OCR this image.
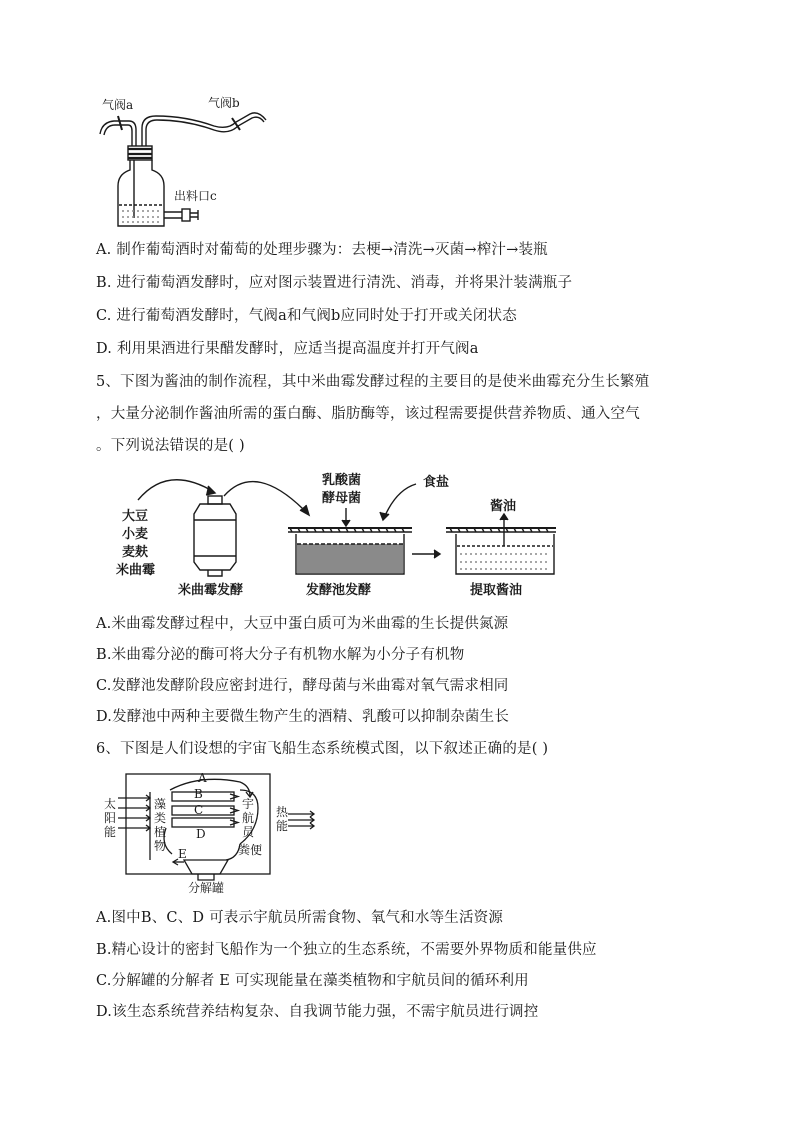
气阀a	气阀b
出料口c
A. 制作葡萄酒时对葡萄的处理步骤为：去梗→清洗→灭菌→榨汁→装瓶
B. 进行葡萄酒发酵时，应对图示装置进行清洗、消毒，并将果汁装满瓶子
C. 进行葡萄酒发酵时，气阀a和气阀b应同时处于打开或关闭状态
D. 利用果酒进行果醋发酵时，应适当提高温度并打开气阀a
5、下图为酱油的制作流程，其中米曲霉发酵过程的主要目的是使米曲霉充分生长繁殖
，大量分泌制作酱油所需的蛋白酶、脂肪酶等，该过程需要提供营养物质、通入空气
。下列说法错误的是( )
大豆
小麦
麦麸
米曲霉
乳酸菌
酵母菌
食盐
酱油
米曲霉发酵	发酵池发酵	提取酱油
A.米曲霉发酵过程中，大豆中蛋白质可为米曲霉的生长提供氮源
B.米曲霉分泌的酶可将大分子有机物水解为小分子有机物
C.发酵池发酵阶段应密封进行，酵母菌与米曲霉对氧气需求相同
D.发酵池中两种主要微生物产生的酒精、乳酸可以抑制杂菌生长
6、下图是人们设想的宇宙飞船生态系统模式图，以下叙述正确的是( )
太
阳
能
藻
类
植
物
宇
航
员
热
能
A
B
C
D
E	粪便
分解罐
A.图中B、C、D 可表示宇航员所需食物、氧气和水等生活资源
B.精心设计的密封飞船作为一个独立的生态系统，不需要外界物质和能量供应
C.分解罐的分解者 E 可实现能量在藻类植物和宇航员间的循环利用
D.该生态系统营养结构复杂、自我调节能力强，不需宇航员进行调控
